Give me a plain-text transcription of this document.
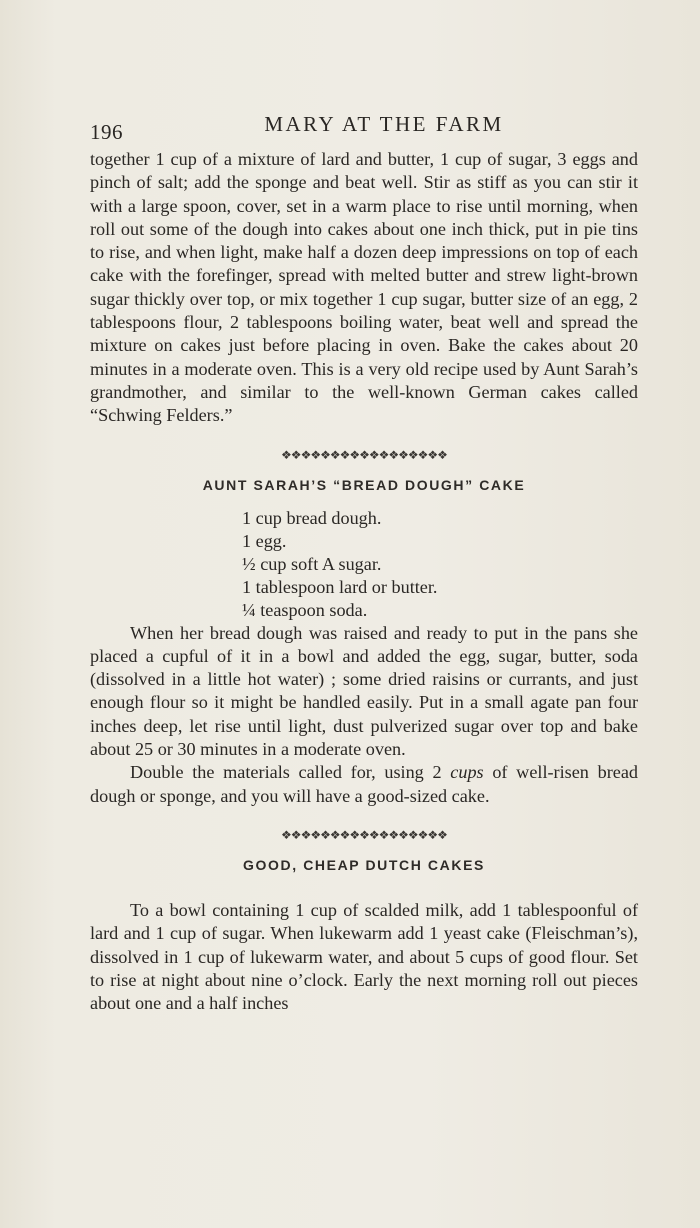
196	MARY AT THE FARM

together 1 cup of a mixture of lard and butter, 1 cup of sugar, 3 eggs and pinch of salt; add the sponge and beat well. Stir as stiff as you can stir it with a large spoon, cover, set in a warm place to rise until morning, when roll out some of the dough into cakes about one inch thick, put in pie tins to rise, and when light, make half a dozen deep impressions on top of each cake with the forefinger, spread with melted butter and strew light-brown sugar thickly over top, or mix together 1 cup sugar, butter size of an egg, 2 tablespoons flour, 2 tablespoons boiling water, beat well and spread the mixture on cakes just before placing in oven. Bake the cakes about 20 minutes in a moderate oven. This is a very old recipe used by Aunt Sarah’s grandmother, and similar to the well-known German cakes called “Schwing Felders.”

❖❖❖❖❖❖❖❖❖❖❖❖❖❖❖❖❖
AUNT SARAH’S “BREAD DOUGH” CAKE
1 cup bread dough.
1 egg.
½ cup soft A sugar.
1 tablespoon lard or butter.
¼ teaspoon soda.

When her bread dough was raised and ready to put in the pans she placed a cupful of it in a bowl and added the egg, sugar, butter, soda (dissolved in a little hot water) ; some dried raisins or currants, and just enough flour so it might be handled easily. Put in a small agate pan four inches deep, let rise until light, dust pulverized sugar over top and bake about 25 or 30 minutes in a moderate oven.

Double the materials called for, using 2 cups of well-risen bread dough or sponge, and you will have a good-sized cake.

❖❖❖❖❖❖❖❖❖❖❖❖❖❖❖❖❖
GOOD, CHEAP DUTCH CAKES

To a bowl containing 1 cup of scalded milk, add 1 tablespoonful of lard and 1 cup of sugar. When lukewarm add 1 yeast cake (Fleischman’s), dissolved in 1 cup of lukewarm water, and about 5 cups of good flour. Set to rise at night about nine o’clock. Early the next morning roll out pieces about one and a half inches
